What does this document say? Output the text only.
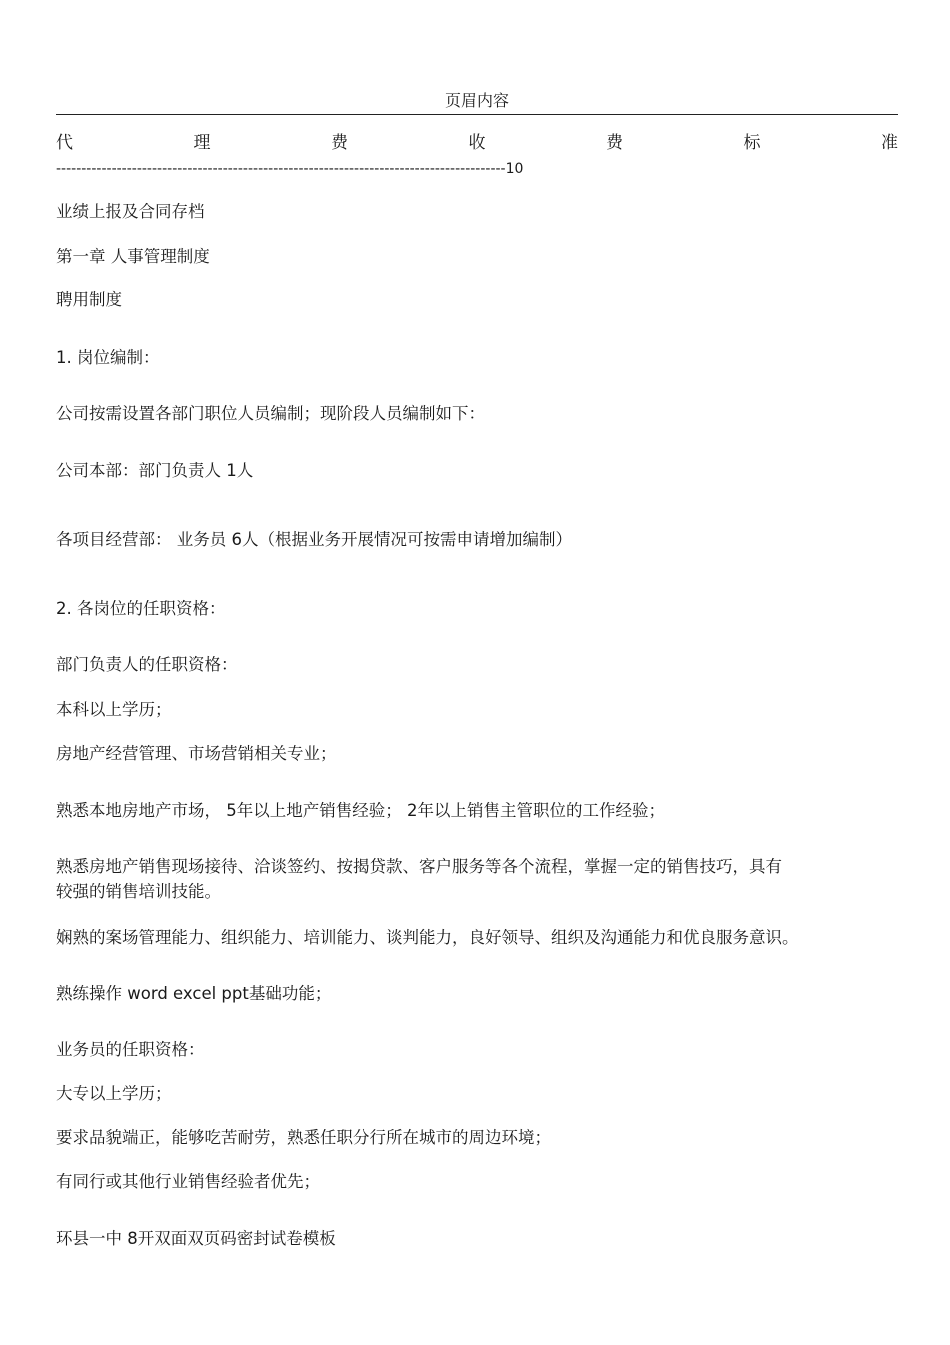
页眉内容
代	理	费	收	费	标	准
-----------------------------------------------------------------------------------------10
业绩上报及合同存档
第一章 人事管理制度
聘用制度
1. 岗位编制：
公司按需设置各部门职位人员编制；现阶段人员编制如下：
公司本部：部门负责人 1人
各项目经营部： 业务员 6人（根据业务开展情况可按需申请增加编制）
2. 各岗位的任职资格：
部门负责人的任职资格：
本科以上学历；
房地产经营管理、市场营销相关专业；
熟悉本地房地产市场， 5年以上地产销售经验； 2年以上销售主管职位的工作经验；
熟悉房地产销售现场接待、洽谈签约、按揭贷款、客户服务等各个流程，掌握一定的销售技巧，具有
较强的销售培训技能。
娴熟的案场管理能力、组织能力、培训能力、谈判能力，良好领导、组织及沟通能力和优良服务意识。
熟练操作 word excel ppt基础功能；
业务员的任职资格：
大专以上学历；
要求品貌端正，能够吃苦耐劳，熟悉任职分行所在城市的周边环境；
有同行或其他行业销售经验者优先；
环县一中 8开双面双页码密封试卷模板
